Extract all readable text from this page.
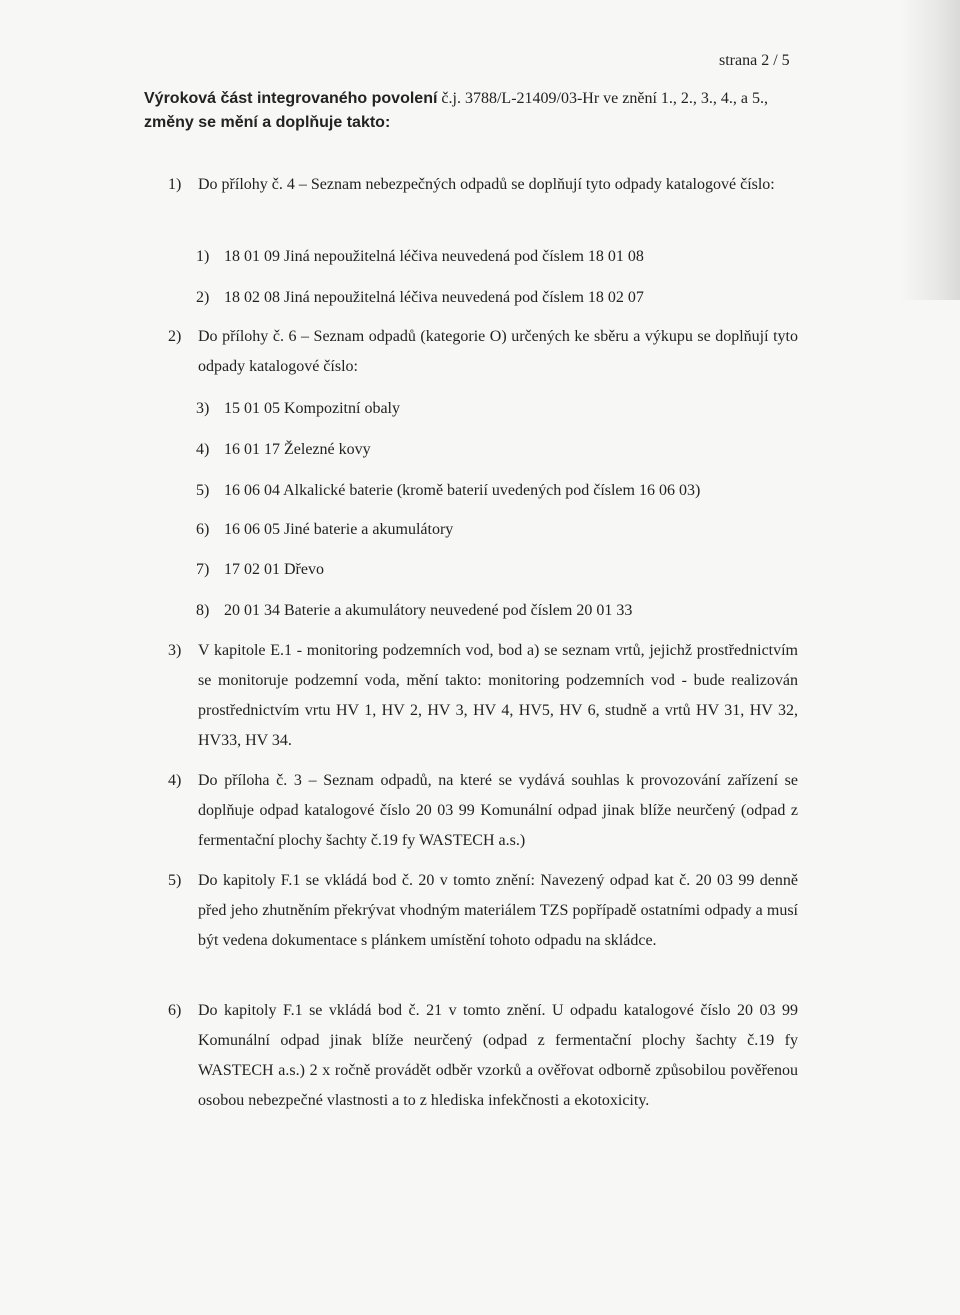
strana 2 / 5
Výroková část integrovaného povolení č.j. 3788/L-21409/03-Hr ve znění 1., 2., 3., 4., a 5.,
změny se mění a doplňuje takto:
1)	Do přílohy č. 4 – Seznam nebezpečných odpadů se doplňují tyto odpady katalogové číslo:
1) 18 01 09 Jiná nepoužitelná léčiva neuvedená pod číslem 18 01 08
2) 18 02 08 Jiná nepoužitelná léčiva neuvedená pod číslem 18 02 07
2)	Do přílohy č. 6 – Seznam odpadů (kategorie O) určených ke sběru a výkupu se doplňují tyto odpady katalogové číslo:
3) 15 01 05 Kompozitní obaly
4) 16 01 17 Železné kovy
5) 16 06 04 Alkalické baterie (kromě baterií uvedených pod číslem 16 06 03)
6) 16 06 05 Jiné baterie a akumulátory
7) 17 02 01 Dřevo
8) 20 01 34 Baterie a akumulátory neuvedené pod číslem 20 01 33
3)	V kapitole E.1 - monitoring podzemních vod, bod a) se seznam vrtů, jejichž prostřednictvím se monitoruje podzemní voda, mění takto: monitoring podzemních vod - bude realizován prostřednictvím vrtu HV 1, HV 2, HV 3, HV 4, HV5, HV 6, studně a vrtů HV 31, HV 32, HV33, HV 34.
4)	Do příloha č. 3 – Seznam odpadů, na které se vydává souhlas k provozování zařízení se doplňuje odpad katalogové číslo 20 03 99 Komunální odpad jinak blíže neurčený (odpad z fermentační plochy šachty č.19 fy WASTECH a.s.)
5)	Do kapitoly F.1 se vkládá bod č. 20 v tomto znění: Navezený odpad kat č. 20 03 99 denně před jeho zhutněním překrývat vhodným materiálem TZS popřípadě ostatními odpady a musí být vedena dokumentace s plánkem umístění tohoto odpadu na skládce.
6)	Do kapitoly F.1 se vkládá bod č. 21 v tomto znění. U odpadu katalogové číslo 20 03 99 Komunální odpad jinak blíže neurčený (odpad z fermentační plochy šachty č.19 fy WASTECH a.s.) 2 x ročně provádět odběr vzorků a ověřovat odborně způsobilou pověřenou osobou nebezpečné vlastnosti a to z hlediska infekčnosti a ekotoxicity.
